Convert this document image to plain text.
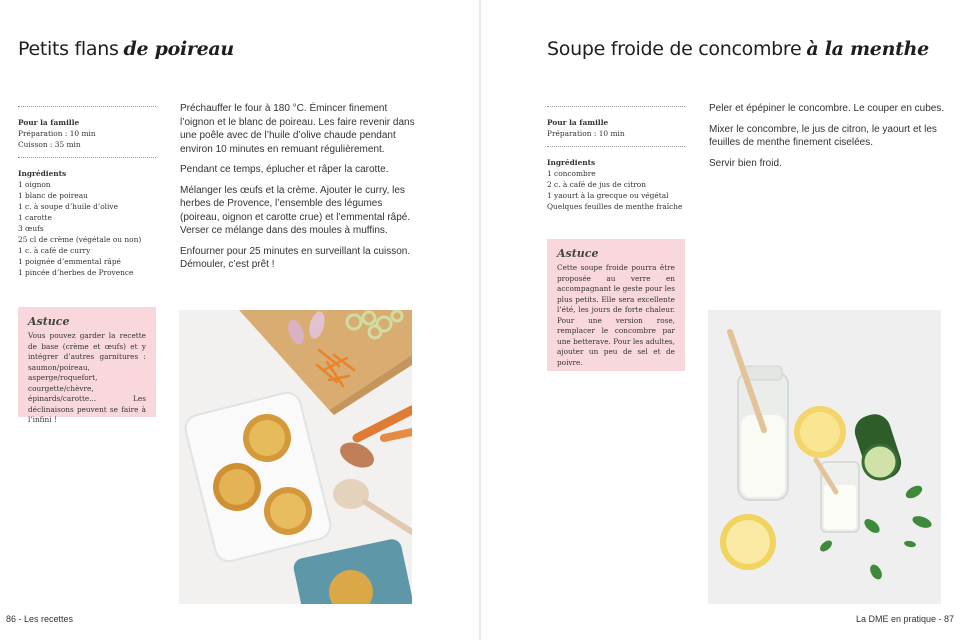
Petits flans de poireau
Pour la famille
Préparation : 10 min
Cuisson : 35 min
Ingrédients
1 oignon
1 blanc de poireau
1 c. à soupe d’huile d’olive
1 carotte
3 œufs
25 cl de crème (végétale ou non)
1 c. à café de curry
1 poignée d’emmental râpé
1 pincée d’herbes de Provence
Astuce
Vous pouvez garder la recette de base (crème et œufs) et y intégrer d’autres garnitures : saumon/poireau, asperge/roquefort, courgette/chèvre, épinards/carotte... Les déclinaisons peuvent se faire à l’infini !

Préchauffer le four à 180 °C. Émincer finement l’oignon et le blanc de poireau. Les faire revenir dans une poêle avec de l’huile d’olive chaude pendant environ 10 minutes en remuant régulièrement.

Pendant ce temps, éplucher et râper la carotte.

Mélanger les œufs et la crème. Ajouter le curry, les herbes de Provence, l’ensemble des légumes (poireau, oignon et carotte crue) et l’emmental râpé. Verser ce mélange dans des moules à muffins.

Enfourner pour 25 minutes en surveillant la cuisson. Démouler, c’est prêt !

86 - Les recettes
Soupe froide de concombre à la menthe
Pour la famille
Préparation : 10 min
Ingrédients
1 concombre
2 c. à café de jus de citron
1 yaourt à la grecque ou végétal
Quelques feuilles de menthe fraîche
Astuce
Cette soupe froide pourra être proposée au verre en accompagnant le geste pour les plus petits. Elle sera excellente l’été, les jours de forte chaleur. Pour une version rose, remplacer le concombre par une betterave. Pour les adultes, ajouter un peu de sel et de poivre.

Peler et épépiner le concombre. Le couper en cubes.

Mixer le concombre, le jus de citron, le yaourt et les feuilles de menthe finement ciselées.

Servir bien froid.

La DME en pratique - 87
